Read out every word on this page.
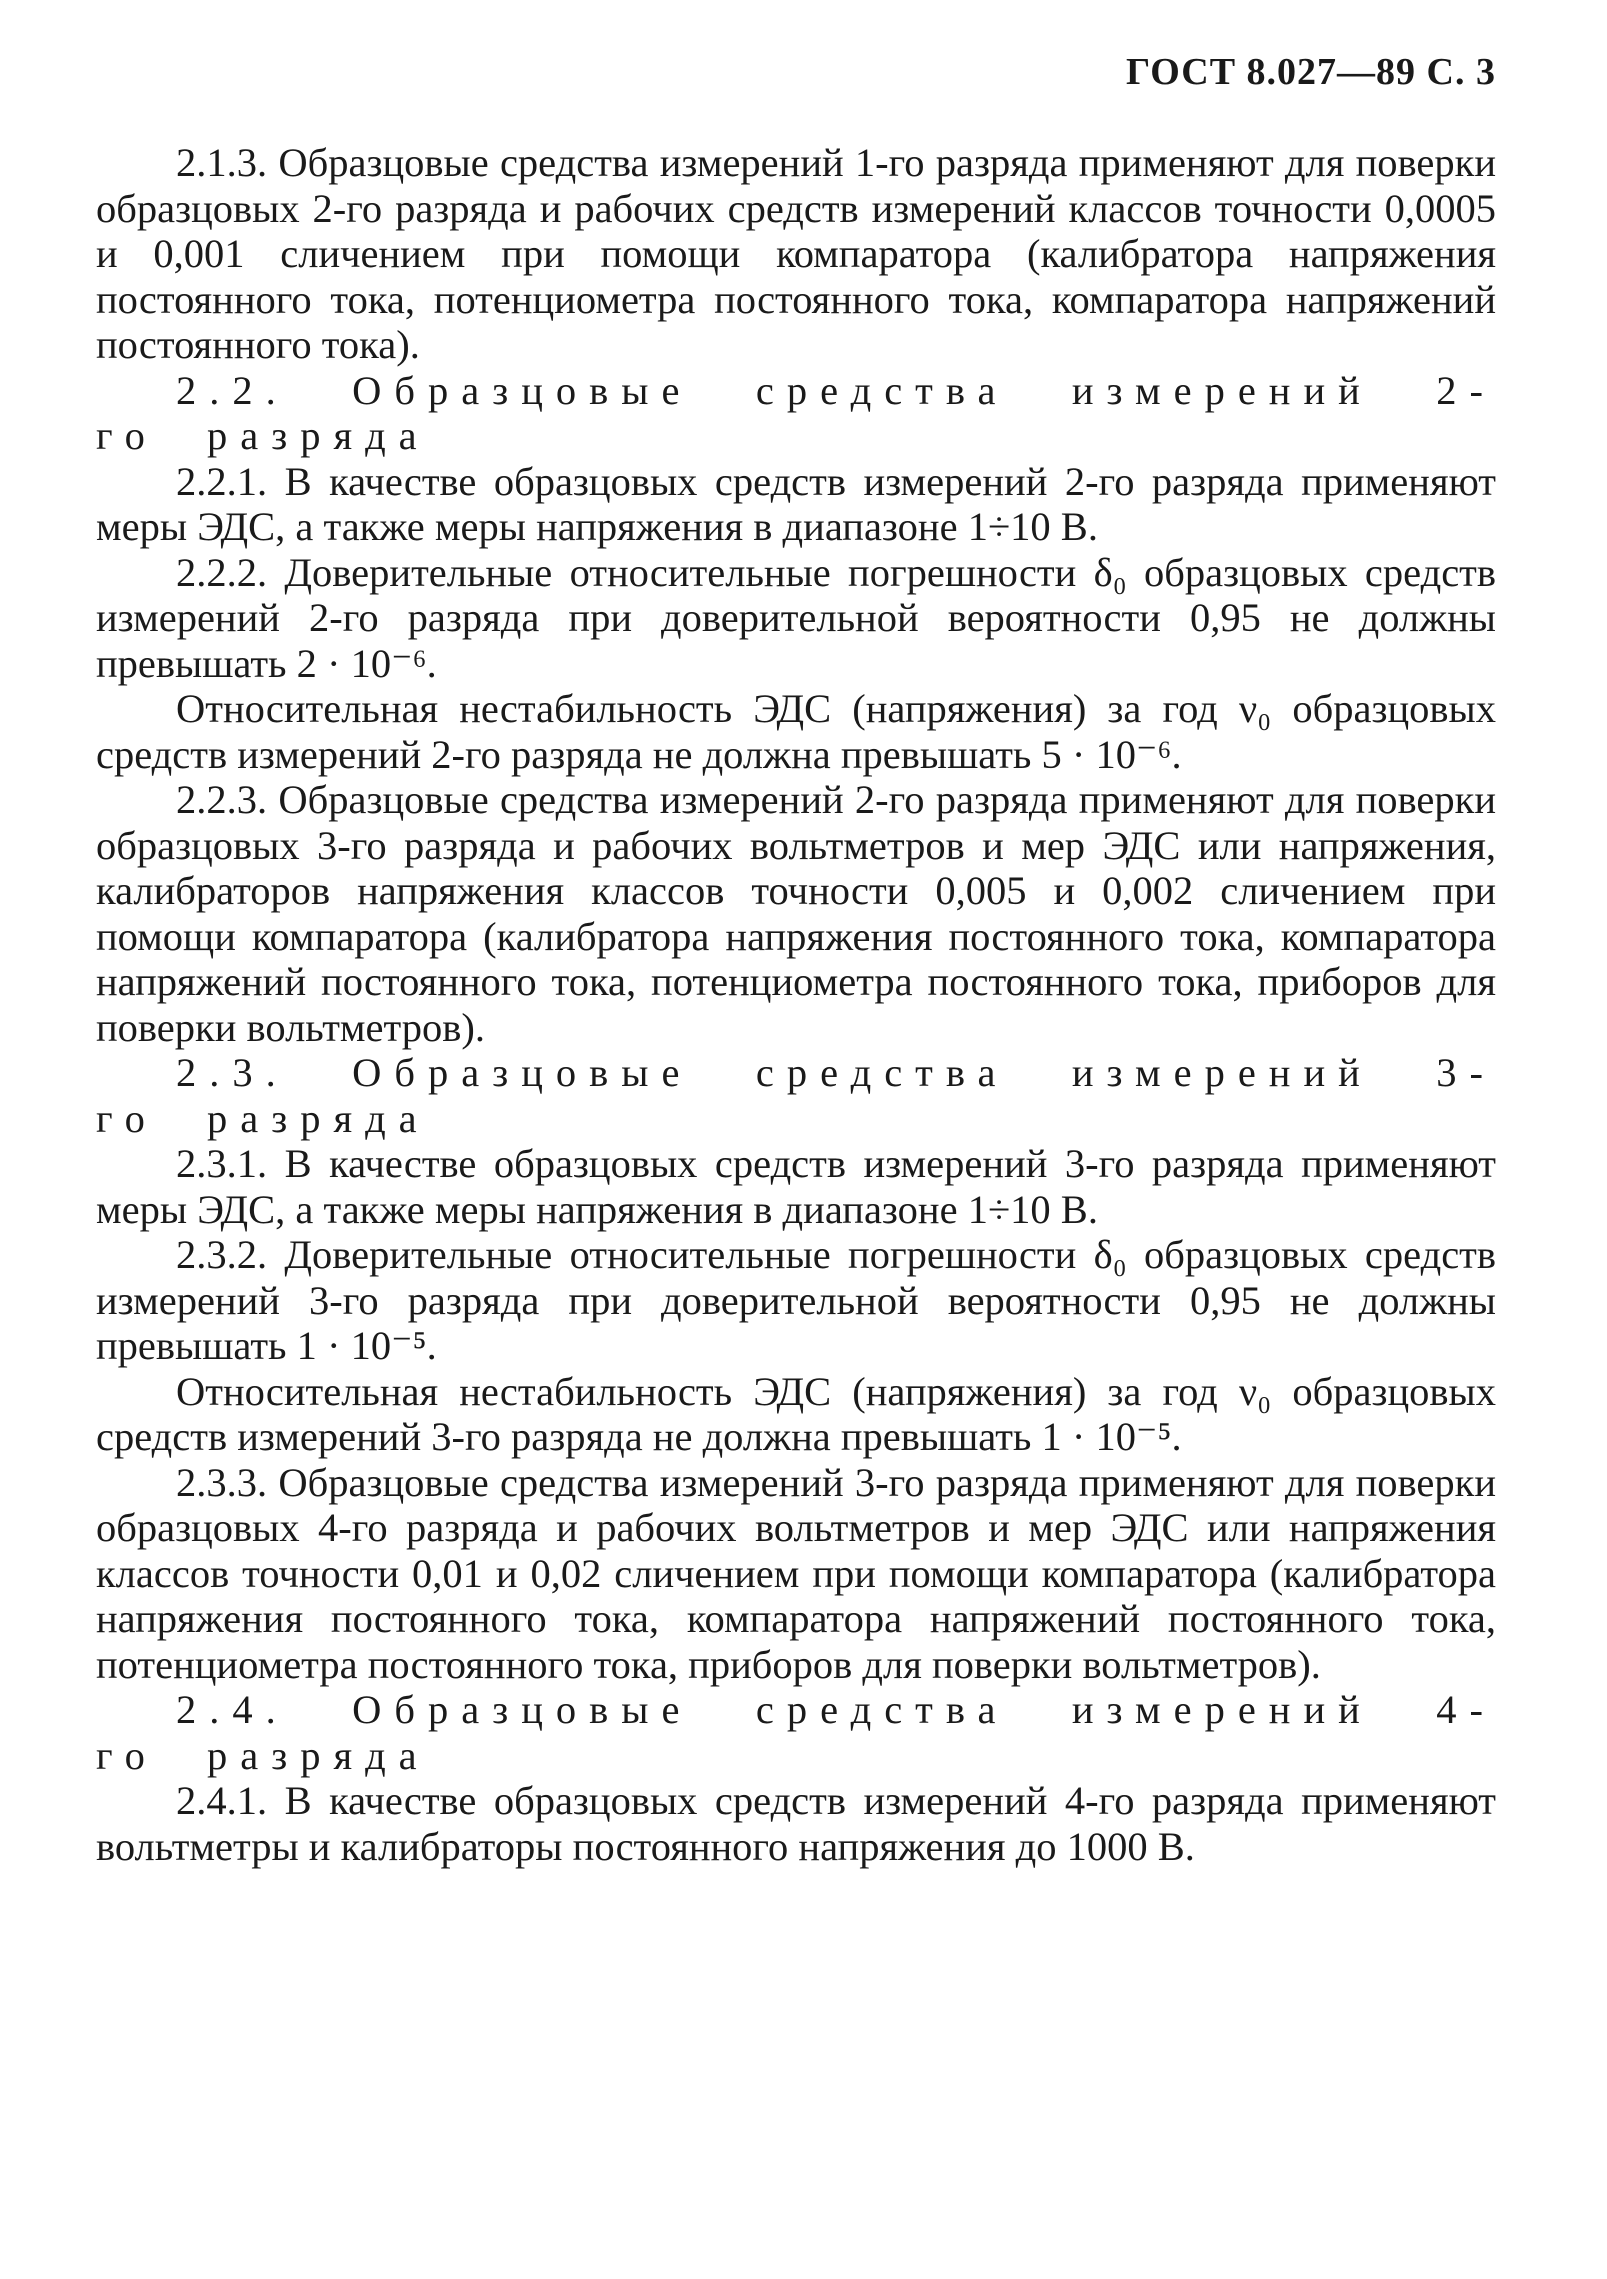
ГОСТ 8.027—89 С. 3

2.1.3. Образцовые средства измерений 1-го разряда применяют для поверки образцовых 2-го разряда и рабочих средств измерений классов точности 0,0005 и 0,001 сличением при помощи компаратора (калибратора напряжения постоянного тока, потенциометра постоянного тока, компаратора напряжений постоянного тока).

2.2. Образцовые средства измерений 2-го разряда

2.2.1. В качестве образцовых средств измерений 2-го разряда применяют меры ЭДС, а также меры напряжения в диапазоне 1÷10 В.

2.2.2. Доверительные относительные погрешности δ₀ образцовых средств измерений 2-го разряда при доверительной вероятности 0,95 не должны превышать 2 · 10⁻⁶.

Относительная нестабильность ЭДС (напряжения) за год ν₀ образцовых средств измерений 2-го разряда не должна превышать 5 · 10⁻⁶.

2.2.3. Образцовые средства измерений 2-го разряда применяют для поверки образцовых 3-го разряда и рабочих вольтметров и мер ЭДС или напряжения, калибраторов напряжения классов точности 0,005 и 0,002 сличением при помощи компаратора (калибратора напряжения постоянного тока, компаратора напряжений постоянного тока, потенциометра постоянного тока, приборов для поверки вольтметров).

2.3. Образцовые средства измерений 3-го разряда

2.3.1. В качестве образцовых средств измерений 3-го разряда применяют меры ЭДС, а также меры напряжения в диапазоне 1÷10 В.

2.3.2. Доверительные относительные погрешности δ₀ образцовых средств измерений 3-го разряда при доверительной вероятности 0,95 не должны превышать 1 · 10⁻⁵.

Относительная нестабильность ЭДС (напряжения) за год ν₀ образцовых средств измерений 3-го разряда не должна превышать 1 · 10⁻⁵.

2.3.3. Образцовые средства измерений 3-го разряда применяют для поверки образцовых 4-го разряда и рабочих вольтметров и мер ЭДС или напряжения классов точности 0,01 и 0,02 сличением при помощи компаратора (калибратора напряжения постоянного тока, компаратора напряжений постоянного тока, потенциометра постоянного тока, приборов для поверки вольтметров).

2.4. Образцовые средства измерений 4-го разряда

2.4.1. В качестве образцовых средств измерений 4-го разряда применяют вольтметры и калибраторы постоянного напряжения до 1000 В.
